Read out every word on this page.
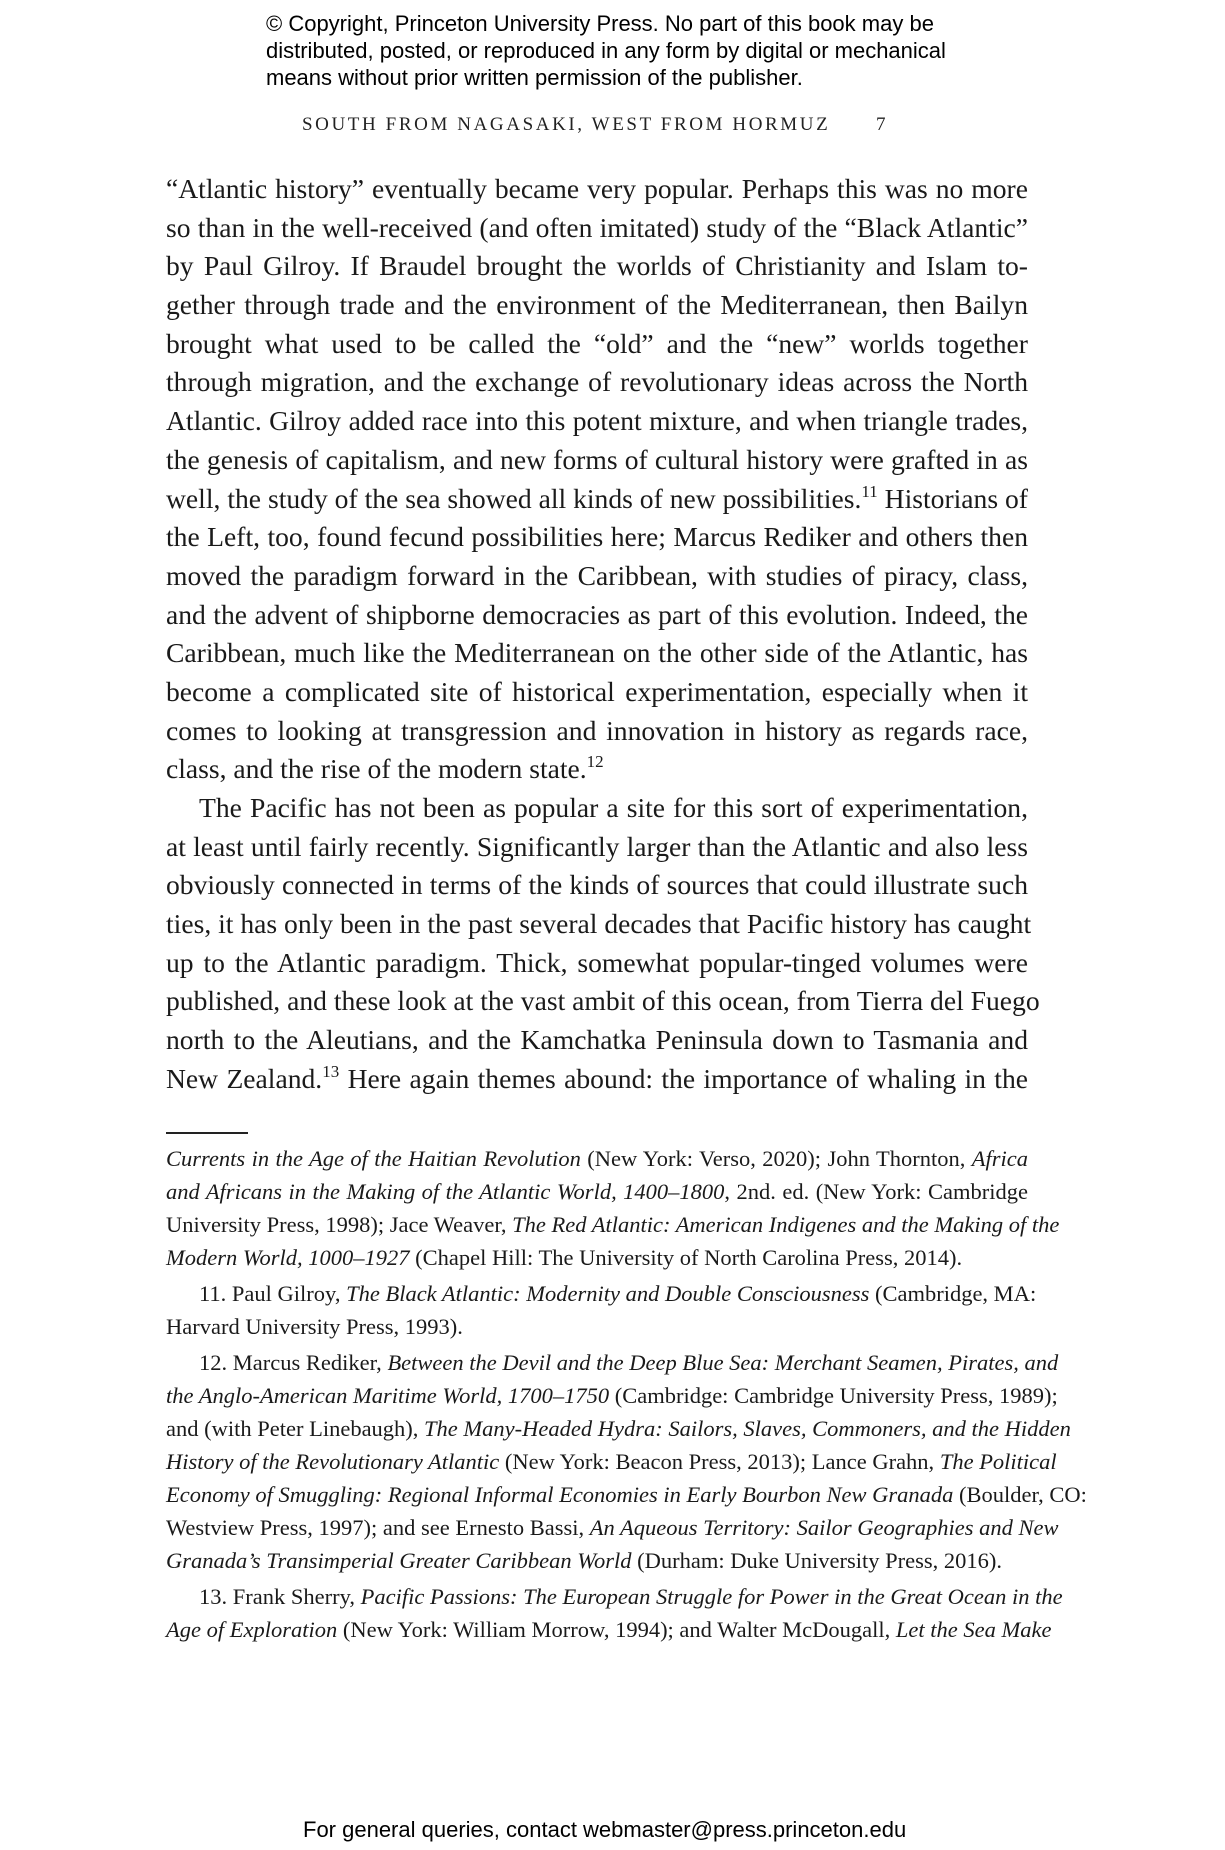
© Copyright, Princeton University Press. No part of this book may be
distributed, posted, or reproduced in any form by digital or mechanical
means without prior written permission of the publisher.
SOUTH FROM NAGASAKI, WEST FROM HORMUZ 7
“Atlantic history” eventually became very popular. Perhaps this was no more
so than in the well-received (and often imitated) study of the “Black Atlantic”
by Paul Gilroy. If Braudel brought the worlds of Christianity and Islam to-
gether through trade and the environment of the Mediterranean, then Bailyn
brought what used to be called the “old” and the “new” worlds together
through migration, and the exchange of revolutionary ideas across the North
Atlantic. Gilroy added race into this potent mixture, and when triangle trades,
the genesis of capitalism, and new forms of cultural history were grafted in as
well, the study of the sea showed all kinds of new possibilities.$^{11}$ Historians of
the Left, too, found fecund possibilities here; Marcus Rediker and others then
moved the paradigm forward in the Caribbean, with studies of piracy, class,
and the advent of shipborne democracies as part of this evolution. Indeed, the
Caribbean, much like the Mediterranean on the other side of the Atlantic, has
become a complicated site of historical experimentation, especially when it
comes to looking at transgression and innovation in history as regards race,
class, and the rise of the modern state.$^{12}$
The Pacific has not been as popular a site for this sort of experimentation,
at least until fairly recently. Significantly larger than the Atlantic and also less
obviously connected in terms of the kinds of sources that could illustrate such
ties, it has only been in the past several decades that Pacific history has caught
up to the Atlantic paradigm. Thick, somewhat popular-tinged volumes were
published, and these look at the vast ambit of this ocean, from Tierra del Fuego
north to the Aleutians, and the Kamchatka Peninsula down to Tasmania and
New Zealand.$^{13}$ Here again themes abound: the importance of whaling in the
Currents in the Age of the Haitian Revolution (New York: Verso, 2020); John Thornton, Africa
and Africans in the Making of the Atlantic World, 1400–1800, 2nd. ed. (New York: Cambridge
University Press, 1998); Jace Weaver, The Red Atlantic: American Indigenes and the Making of the
Modern World, 1000–1927 (Chapel Hill: The University of North Carolina Press, 2014).
11. Paul Gilroy, The Black Atlantic: Modernity and Double Consciousness (Cambridge, MA:
Harvard University Press, 1993).
12. Marcus Rediker, Between the Devil and the Deep Blue Sea: Merchant Seamen, Pirates, and
the Anglo-American Maritime World, 1700–1750 (Cambridge: Cambridge University Press, 1989);
and (with Peter Linebaugh), The Many-Headed Hydra: Sailors, Slaves, Commoners, and the Hidden
History of the Revolutionary Atlantic (New York: Beacon Press, 2013); Lance Grahn, The Political
Economy of Smuggling: Regional Informal Economies in Early Bourbon New Granada (Boulder, CO:
Westview Press, 1997); and see Ernesto Bassi, An Aqueous Territory: Sailor Geographies and New
Granada’s Transimperial Greater Caribbean World (Durham: Duke University Press, 2016).
13. Frank Sherry, Pacific Passions: The European Struggle for Power in the Great Ocean in the
Age of Exploration (New York: William Morrow, 1994); and Walter McDougall, Let the Sea Make
For general queries, contact webmaster@press.princeton.edu
